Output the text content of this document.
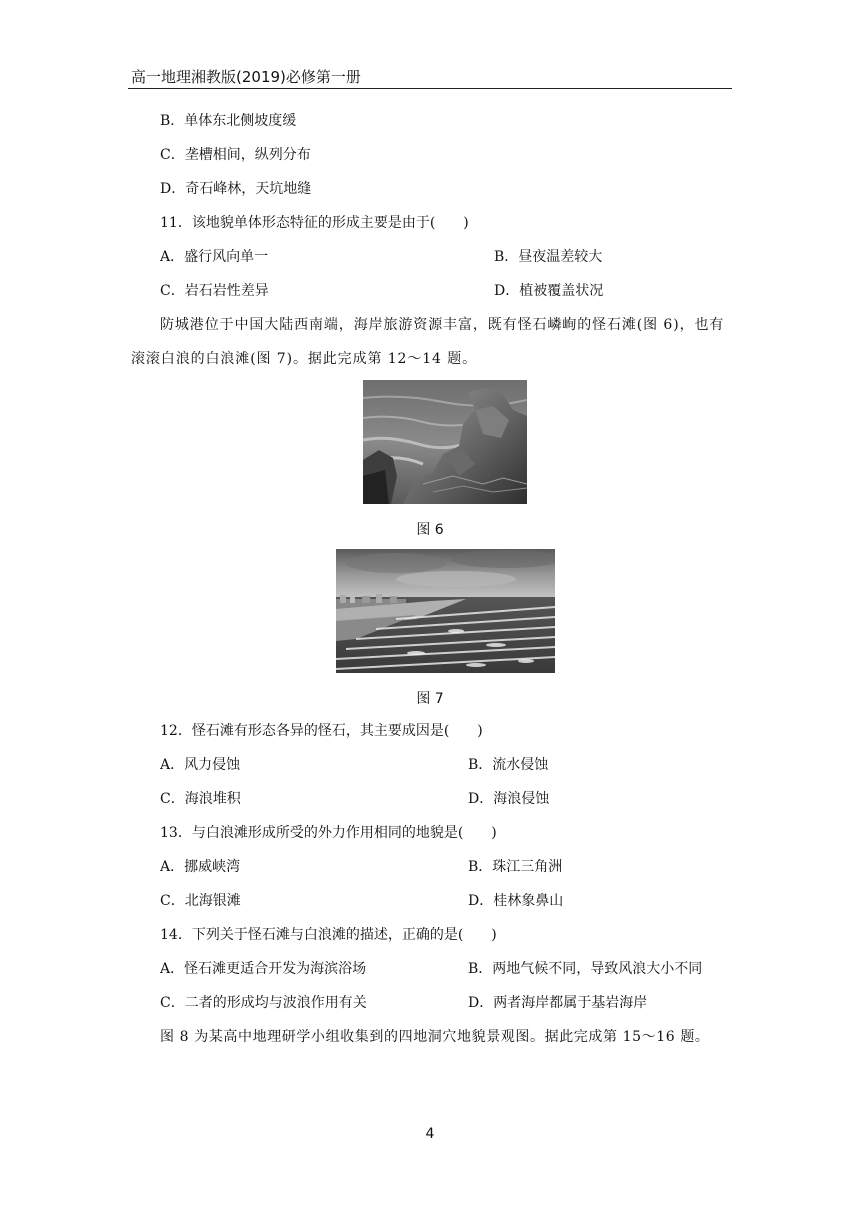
高一地理湘教版(2019)必修第一册
B．单体东北侧坡度缓
C．垄槽相间，纵列分布
D．奇石峰林，天坑地缝
11．该地貌单体形态特征的形成主要是由于(　　)
A．盛行风向单一	B．昼夜温差较大
C．岩石岩性差异	D．植被覆盖状况
防城港位于中国大陆西南端，海岸旅游资源丰富，既有怪石嶙峋的怪石滩(图 6)，也有
滚滚白浪的白浪滩(图 7)。据此完成第 12～14 题。
图 6
图 7
12．怪石滩有形态各异的怪石，其主要成因是(　　)
A．风力侵蚀	B．流水侵蚀
C．海浪堆积	D．海浪侵蚀
13．与白浪滩形成所受的外力作用相同的地貌是(　　)
A．挪威峡湾	B．珠江三角洲
C．北海银滩	D．桂林象鼻山
14．下列关于怪石滩与白浪滩的描述，正确的是(　　)
A．怪石滩更适合开发为海滨浴场	B．两地气候不同，导致风浪大小不同
C．二者的形成均与波浪作用有关	D．两者海岸都属于基岩海岸
图 8 为某高中地理研学小组收集到的四地洞穴地貌景观图。据此完成第 15～16 题。
4
